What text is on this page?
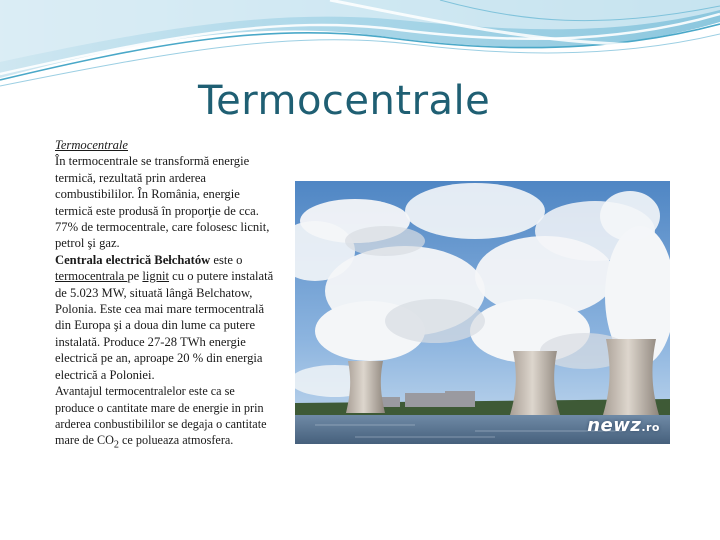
Termocentrale

Termocentrale

În termocentrale se transformă energie termică, rezultată prin arderea combustibililor. În România, energie termică este produsă în proporţie de cca. 77% de termocentrale, care folosesc licnit, petrol şi gaz.

Centrala electrică Bełchatów este o termocentrala pe lignit cu o putere instalată de 5.023 MW, situată lângă Belchatow, Polonia. Este cea mai mare termocentrală din Europa şi a doua din lume ca putere instalată. Produce 27-28 TWh energie electrică pe an, aproape 20 % din energia electrică a Poloniei.

Avantajul termocentralelor este ca se produce o cantitate mare de energie in prin arderea conbustibililor se degaja o cantitate mare de $CO_2$ ce polueaza atmosfera.

newz.ro
